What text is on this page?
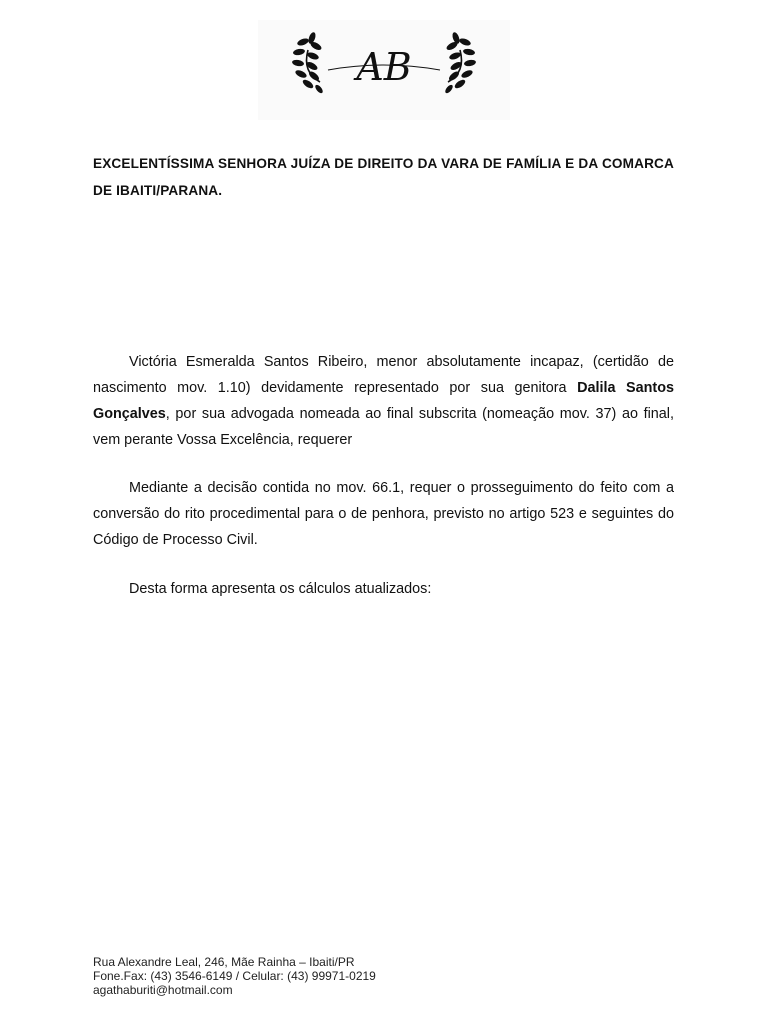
AB
EXCELENTÍSSIMA SENHORA JUÍZA DE DIREITO DA VARA DE FAMÍLIA E DA COMARCA DE IBAITI/PARANA.

Victória Esmeralda Santos Ribeiro, menor absolutamente incapaz, (certidão de nascimento mov. 1.10) devidamente representado por sua genitora Dalila Santos Gonçalves, por sua advogada nomeada ao final subscrita (nomeação mov. 37) ao final, vem perante Vossa Excelência, requerer

Mediante a decisão contida no mov. 66.1, requer o prosseguimento do feito com a conversão do rito procedimental para o de penhora, previsto no artigo 523 e seguintes do Código de Processo Civil.

Desta forma apresenta os cálculos atualizados:

Rua Alexandre Leal, 246, Mãe Rainha – Ibaiti/PR
Fone.Fax: (43) 3546-6149 / Celular: (43) 99971-0219
agathaburiti@hotmail.com
